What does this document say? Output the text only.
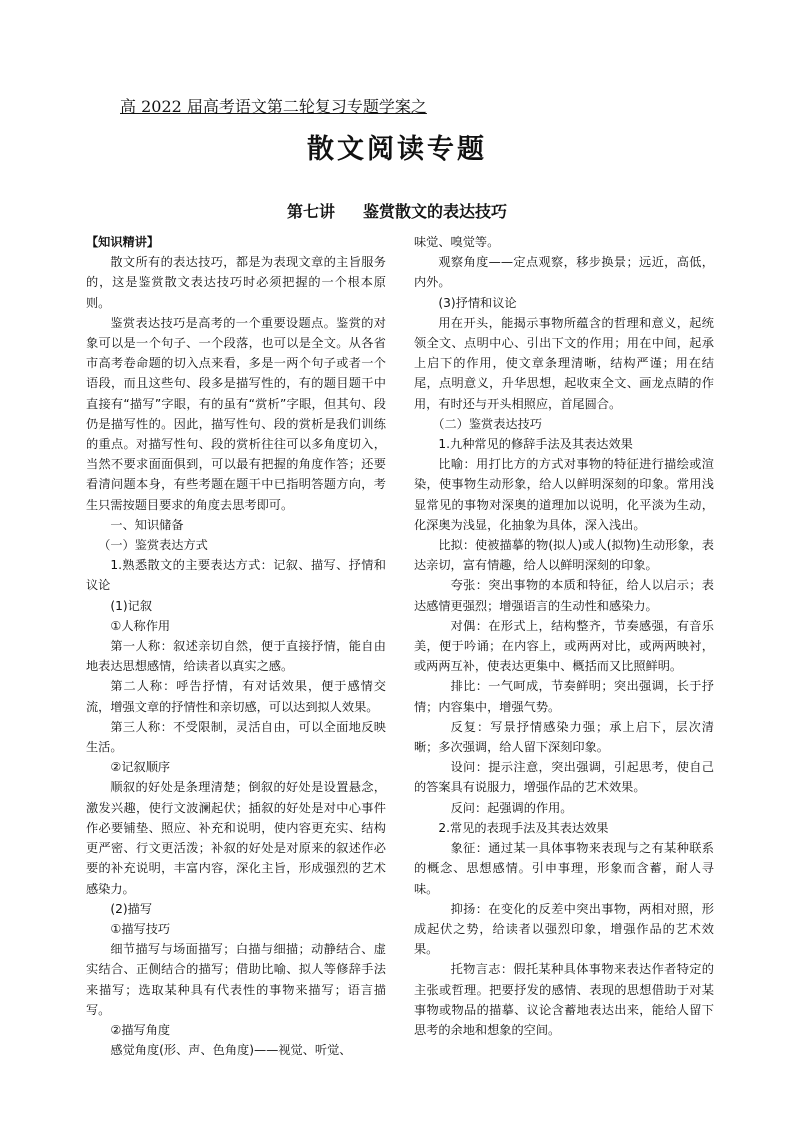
高 2022 届高考语文第二轮复习专题学案之
散文阅读专题
第七讲 鉴赏散文的表达技巧

【知识精讲】

散文所有的表达技巧，都是为表现文章的主旨服务的，这是鉴赏散文表达技巧时必须把握的一个根本原则。

鉴赏表达技巧是高考的一个重要设题点。鉴赏的对象可以是一个句子、一个段落，也可以是全文。从各省市高考卷命题的切入点来看，多是一两个句子或者一个语段，而且这些句、段多是描写性的，有的题目题干中直接有“描写”字眼，有的虽有“赏析”字眼，但其句、段仍是描写性的。因此，描写性句、段的赏析是我们训练的重点。对描写性句、段的赏析往往可以多角度切入，当然不要求面面俱到，可以最有把握的角度作答；还要看清问题本身，有些考题在题干中已指明答题方向，考生只需按题目要求的角度去思考即可。

一、知识储备

（一）鉴赏表达方式

1.熟悉散文的主要表达方式：记叙、描写、抒情和议论

(1)记叙

①人称作用

第一人称：叙述亲切自然，便于直接抒情，能自由地表达思想感情，给读者以真实之感。

第二人称：呼告抒情，有对话效果，便于感情交流，增强文章的抒情性和亲切感，可以达到拟人效果。

第三人称：不受限制，灵活自由，可以全面地反映生活。

②记叙顺序

顺叙的好处是条理清楚；倒叙的好处是设置悬念，激发兴趣，使行文波澜起伏；插叙的好处是对中心事件作必要铺垫、照应、补充和说明，使内容更充实、结构更严密、行文更活泼；补叙的好处是对原来的叙述作必要的补充说明，丰富内容，深化主旨，形成强烈的艺术感染力。

(2)描写

①描写技巧

细节描写与场面描写；白描与细描；动静结合、虚实结合、正侧结合的描写；借助比喻、拟人等修辞手法来描写；选取某种具有代表性的事物来描写；语言描写。

②描写角度

感觉角度(形、声、色角度)——视觉、听觉、

味觉、嗅觉等。

观察角度——定点观察，移步换景；远近，高低，内外。

(3)抒情和议论

用在开头，能揭示事物所蕴含的哲理和意义，起统领全文、点明中心、引出下文的作用；用在中间，起承上启下的作用，使文章条理清晰，结构严谨；用在结尾，点明意义，升华思想，起收束全文、画龙点睛的作用，有时还与开头相照应，首尾圆合。

（二）鉴赏表达技巧

1.九种常见的修辞手法及其表达效果

比喻：用打比方的方式对事物的特征进行描绘或渲染，使事物生动形象，给人以鲜明深刻的印象。常用浅显常见的事物对深奥的道理加以说明，化平淡为生动，化深奥为浅显，化抽象为具体，深入浅出。

比拟：使被描摹的物(拟人)或人(拟物)生动形象，表达亲切，富有情趣，给人以鲜明深刻的印象。

夸张：突出事物的本质和特征，给人以启示；表达感情更强烈；增强语言的生动性和感染力。

对偶：在形式上，结构整齐，节奏感强，有音乐美，便于吟诵；在内容上，或两两对比，或两两映衬，或两两互补，使表达更集中、概括而又比照鲜明。

排比：一气呵成，节奏鲜明；突出强调，长于抒情；内容集中，增强气势。

反复：写景抒情感染力强；承上启下，层次清晰；多次强调，给人留下深刻印象。

设问：提示注意，突出强调，引起思考，使自己的答案具有说服力，增强作品的艺术效果。

反问：起强调的作用。

2.常见的表现手法及其表达效果

象征：通过某一具体事物来表现与之有某种联系的概念、思想感情。引申事理，形象而含蓄，耐人寻味。

抑扬：在变化的反差中突出事物，两相对照，形成起伏之势，给读者以强烈印象，增强作品的艺术效果。

托物言志：假托某种具体事物来表达作者特定的主张或哲理。把要抒发的感情、表现的思想借助于对某事物或物品的描摹、议论含蓄地表达出来，能给人留下思考的余地和想象的空间。
